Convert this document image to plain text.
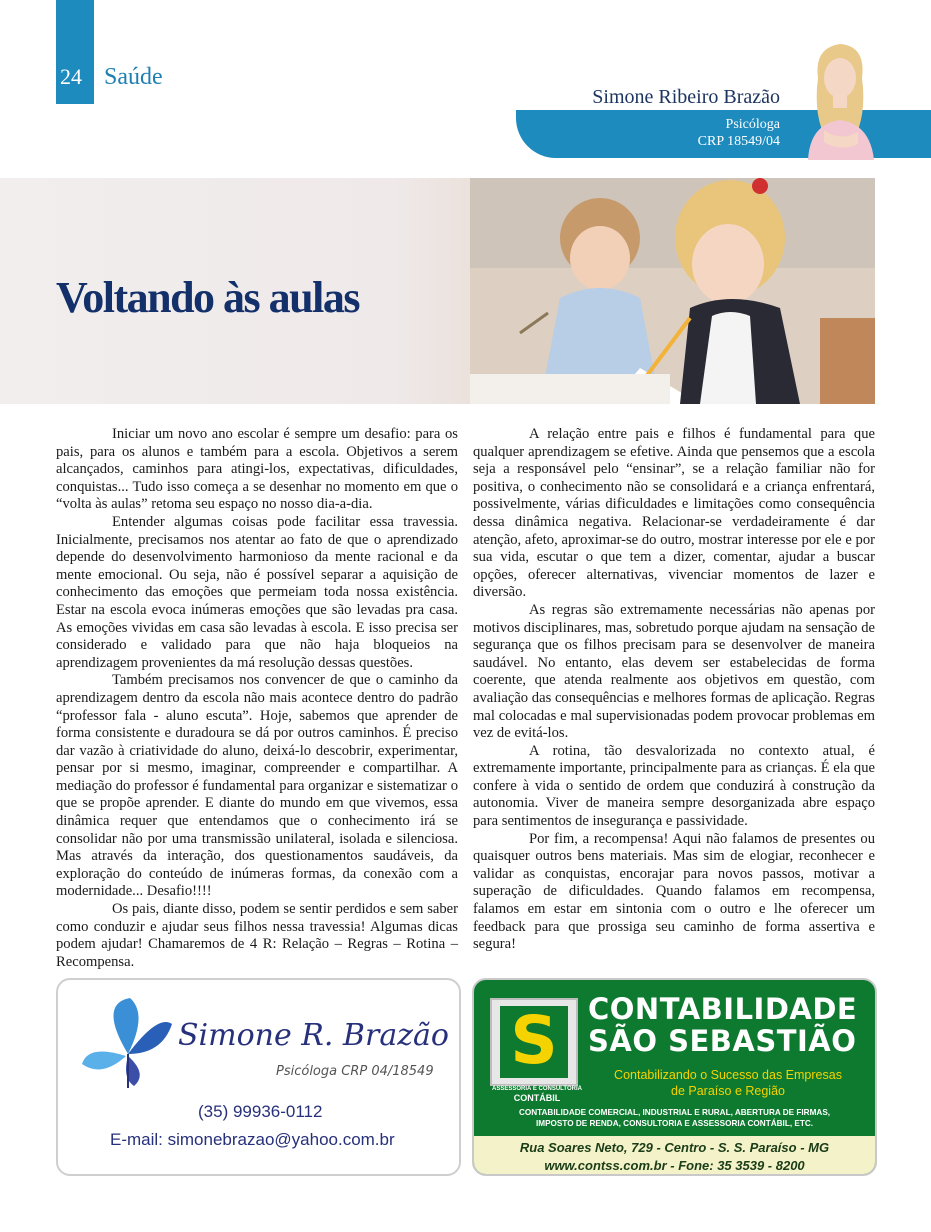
24 Saúde
Simone Ribeiro Brazão
Psicóloga
CRP 18549/04
Voltando às aulas

Iniciar um novo ano escolar é sempre um desafio: para os pais, para os alunos e também para a escola. Objetivos a serem alcançados, caminhos para atingi-los, expectativas, dificuldades, conquistas... Tudo isso começa a se desenhar no momento em que o “volta às aulas” retoma seu espaço no nosso dia-a-dia.

Entender algumas coisas pode facilitar essa travessia. Inicialmente, precisamos nos atentar ao fato de que o aprendizado depende do desenvolvimento harmonioso da mente racional e da mente emocional. Ou seja, não é possível separar a aquisição de conhecimento das emoções que permeiam toda nossa existência. Estar na escola evoca inúmeras emoções que são levadas pra casa. As emoções vividas em casa são levadas à escola. E isso precisa ser considerado e validado para que não haja bloqueios na aprendizagem provenientes da má resolução dessas questões.

Também precisamos nos convencer de que o caminho da aprendizagem dentro da escola não mais acontece dentro do padrão “professor fala - aluno escuta”. Hoje, sabemos que aprender de forma consistente e duradoura se dá por outros caminhos. É preciso dar vazão à criatividade do aluno, deixá-lo descobrir, experimentar, pensar por si mesmo, imaginar, compreender e compartilhar. A mediação do professor é fundamental para organizar e sistematizar o que se propõe aprender. E diante do mundo em que vivemos, essa dinâmica requer que entendamos que o conhecimento irá se consolidar não por uma transmissão unilateral, isolada e silenciosa. Mas através da interação, dos questionamentos saudáveis, da exploração do conteúdo de inúmeras formas, da conexão com a modernidade... Desafio!!!!

Os pais, diante disso, podem se sentir perdidos e sem saber como conduzir e ajudar seus filhos nessa travessia! Algumas dicas podem ajudar! Chamaremos de 4 R: Relação – Regras – Rotina – Recompensa.

A relação entre pais e filhos é fundamental para que qualquer aprendizagem se efetive. Ainda que pensemos que a escola seja a responsável pelo “ensinar”, se a relação familiar não for positiva, o conhecimento não se consolidará e a criança enfrentará, possivelmente, várias dificuldades e limitações como consequência dessa dinâmica negativa. Relacionar-se verdadeiramente é dar atenção, afeto, aproximar-se do outro, mostrar interesse por ele e por sua vida, escutar o que tem a dizer, comentar, ajudar a buscar opções, oferecer alternativas, vivenciar momentos de lazer e diversão.

As regras são extremamente necessárias não apenas por motivos disciplinares, mas, sobretudo porque ajudam na sensação de segurança que os filhos precisam para se desenvolver de maneira saudável. No entanto, elas devem ser estabelecidas de forma coerente, que atenda realmente aos objetivos em questão, com avaliação das consequências e melhores formas de aplicação. Regras mal colocadas e mal supervisionadas podem provocar problemas em vez de evitá-los.

A rotina, tão desvalorizada no contexto atual, é extremamente importante, principalmente para as crianças. É ela que confere à vida o sentido de ordem que conduzirá à construção da autonomia. Viver de maneira sempre desorganizada abre espaço para sentimentos de insegurança e passividade.

Por fim, a recompensa! Aqui não falamos de presentes ou quaisquer outros bens materiais. Mas sim de elogiar, reconhecer e validar as conquistas, encorajar para novos passos, motivar a superação de dificuldades. Quando falamos em recompensa, falamos em estar em sintonia com o outro e lhe oferecer um feedback para que prossiga seu caminho de forma assertiva e segura!

Simone R. Brazão
Psicóloga CRP 04/18549
(35) 99936-0112
E-mail: simonebrazao@yahoo.com.br
S
ASSESSORIA E CONSULTORIA
CONTÁBIL
CONTABILIDADE
SÃO SEBASTIÃO
Contabilizando o Sucesso das Empresas
de Paraíso e Região
CONTABILIDADE COMERCIAL, INDUSTRIAL E RURAL, ABERTURA DE FIRMAS,
IMPOSTO DE RENDA, CONSULTORIA E ASSESSORIA CONTÁBIL, ETC.
Rua Soares Neto, 729 - Centro - S. S. Paraíso - MG
www.contss.com.br - Fone: 35 3539 - 8200
